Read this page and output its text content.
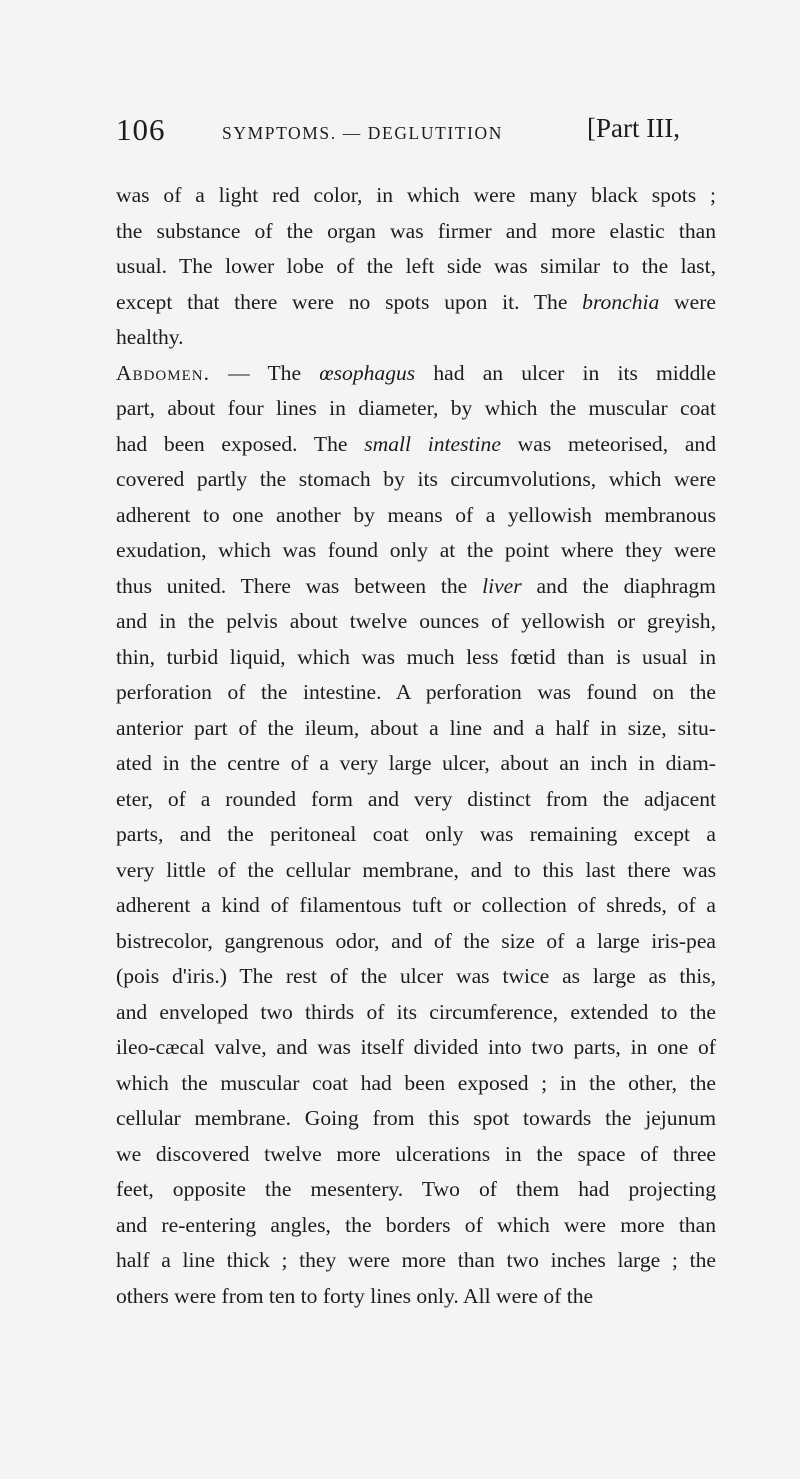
106	SYMPTOMS. — DEGLUTITION	[Part III,
was of a light red color, in which were many black spots ;
the substance of the organ was firmer and more elastic than
usual. The lower lobe of the left side was similar to the last,
except that there were no spots upon it. The bronchia were
healthy.
Abdomen. — The œsophagus had an ulcer in its middle
part, about four lines in diameter, by which the muscular coat
had been exposed. The small intestine was meteorised, and
covered partly the stomach by its circumvolutions, which were
adherent to one another by means of a yellowish membranous
exudation, which was found only at the point where they were
thus united. There was between the liver and the diaphragm
and in the pelvis about twelve ounces of yellowish or greyish,
thin, turbid liquid, which was much less fœtid than is usual in
perforation of the intestine. A perforation was found on the
anterior part of the ileum, about a line and a half in size, situ-
ated in the centre of a very large ulcer, about an inch in diam-
eter, of a rounded form and very distinct from the adjacent
parts, and the peritoneal coat only was remaining except a
very little of the cellular membrane, and to this last there was
adherent a kind of filamentous tuft or collection of shreds, of a
bistrecolor, gangrenous odor, and of the size of a large iris-pea
(pois d'iris.) The rest of the ulcer was twice as large as this,
and enveloped two thirds of its circumference, extended to the
ileo-cæcal valve, and was itself divided into two parts, in one of
which the muscular coat had been exposed ; in the other, the
cellular membrane. Going from this spot towards the jejunum
we discovered twelve more ulcerations in the space of three
feet, opposite the mesentery. Two of them had projecting
and re-entering angles, the borders of which were more than
half a line thick ; they were more than two inches large ; the
others were from ten to forty lines only. All were of the
